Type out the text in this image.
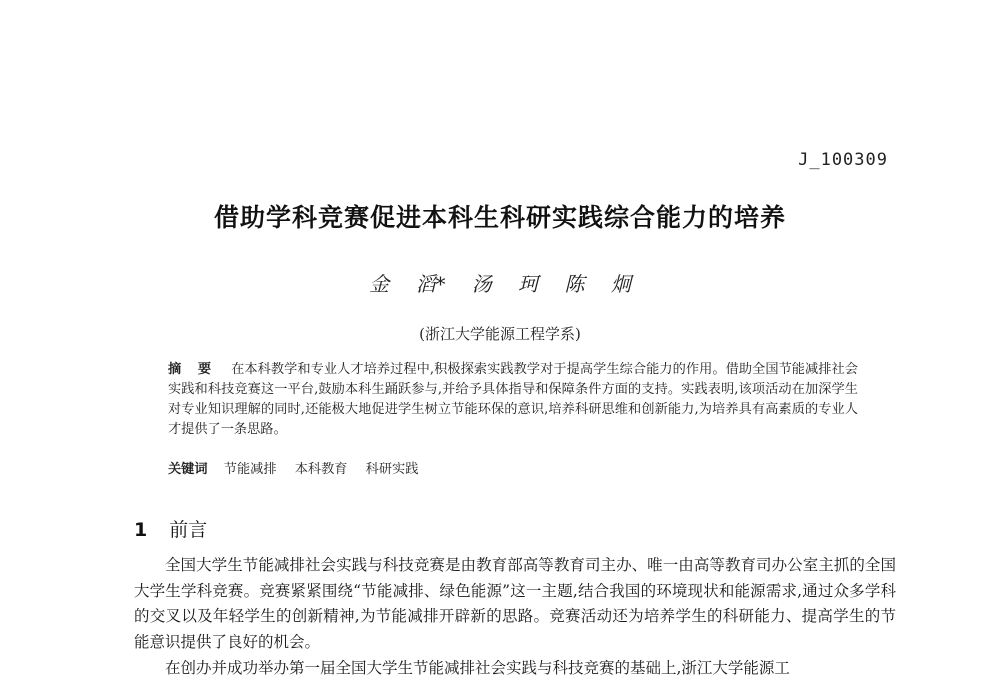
J_100309
借助学科竞赛促进本科生科研实践综合能力的培养
金 滔* 汤 珂 陈 炯
(浙江大学能源工程学系)
摘 要 在本科教学和专业人才培养过程中,积极探索实践教学对于提高学生综合能力的作用。借助全国节能减排社会实践和科技竞赛这一平台,鼓励本科生踊跃参与,并给予具体指导和保障条件方面的支持。实践表明,该项活动在加深学生对专业知识理解的同时,还能极大地促进学生树立节能环保的意识,培养科研思维和创新能力,为培养具有高素质的专业人才提供了一条思路。
关键词 节能减排 本科教育 科研实践
1 前言
全国大学生节能减排社会实践与科技竞赛是由教育部高等教育司主办、唯一由高等教育司办公室主抓的全国大学生学科竞赛。竞赛紧紧围绕“节能减排、绿色能源”这一主题,结合我国的环境现状和能源需求,通过众多学科的交叉以及年轻学生的创新精神,为节能减排开辟新的思路。竞赛活动还为培养学生的科研能力、提高学生的节能意识提供了良好的机会。
在创办并成功举办第一届全国大学生节能减排社会实践与科技竞赛的基础上,浙江大学能源工
